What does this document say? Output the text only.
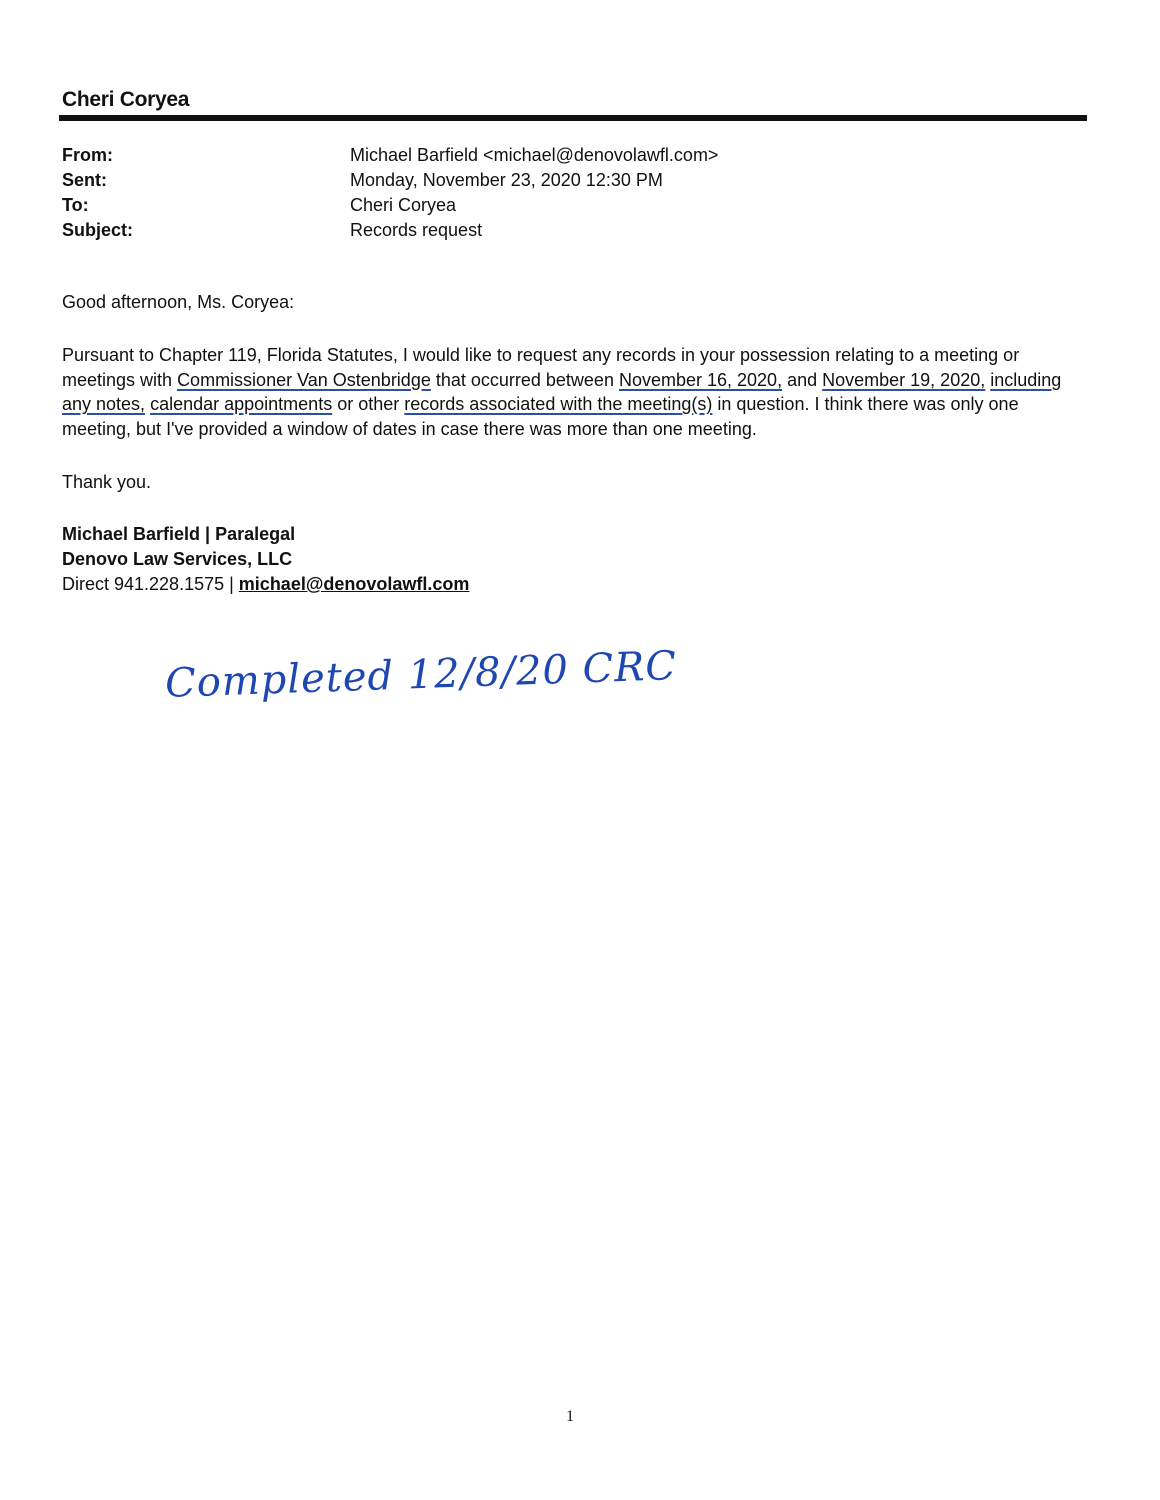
Cheri Coryea
From:	Michael Barfield <michael@denovolawfl.com>
Sent:	Monday, November 23, 2020 12:30 PM
To:	Cheri Coryea
Subject:	Records request
Good afternoon, Ms. Coryea:
Pursuant to Chapter 119, Florida Statutes, I would like to request any records in your possession relating to a meeting or meetings with Commissioner Van Ostenbridge that occurred between November 16, 2020, and November 19, 2020, including any notes, calendar appointments or other records associated with the meeting(s) in question. I think there was only one meeting, but I've provided a window of dates in case there was more than one meeting.
Thank you.
Michael Barfield | Paralegal
Denovo Law Services, LLC
Direct 941.228.1575 | michael@denovolawfl.com
Completed 12/8/20 CRC
1
